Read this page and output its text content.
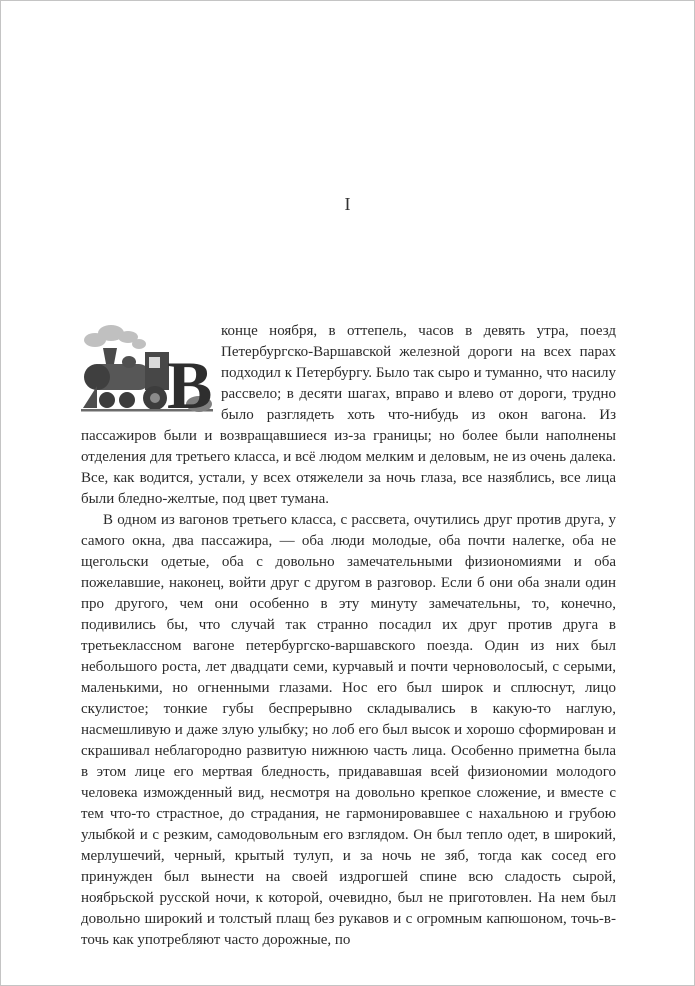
I

В
конце ноября, в оттепель, часов в девять утра, поезд Петербургско-Варшавской железной дороги на всех парах подходил к Петербургу. Было так сыро и туманно, что насилу рассвело; в десяти шагах, вправо и влево от дороги, трудно было разглядеть хоть что-нибудь из окон вагона. Из пассажиров были и возвращавшиеся из-за границы; но более были наполнены отделения для третьего класса, и всё людом мелким и деловым, не из очень далека. Все, как водится, устали, у всех отяжелели за ночь глаза, все назяблись, все лица были бледно-желтые, под цвет тумана.

В одном из вагонов третьего класса, с рассвета, очутились друг против друга, у самого окна, два пассажира, — оба люди молодые, оба почти налегке, оба не щегольски одетые, оба с довольно замечательными физиономиями и оба пожелавшие, наконец, войти друг с другом в разговор. Если б они оба знали один про другого, чем они особенно в эту минуту замечательны, то, конечно, подивились бы, что случай так странно посадил их друг против друга в третьеклассном вагоне петербургско-варшавского поезда. Один из них был небольшого роста, лет двадцати семи, курчавый и почти черноволосый, с серыми, маленькими, но огненными глазами. Нос его был широк и сплюснут, лицо скулистое; тонкие губы беспрерывно складывались в какую-то наглую, насмешливую и даже злую улыбку; но лоб его был высок и хорошо сформирован и скрашивал неблагородно развитую нижнюю часть лица. Особенно приметна была в этом лице его мертвая бледность, придававшая всей физиономии молодого человека изможденный вид, несмотря на довольно крепкое сложение, и вместе с тем что-то страстное, до страдания, не гармонировавшее с нахальною и грубою улыбкой и с резким, самодовольным его взглядом. Он был тепло одет, в широкий, мерлушечий, черный, крытый тулуп, и за ночь не зяб, тогда как сосед его принужден был вынести на своей издрогшей спине всю сладость сырой, ноябрьской русской ночи, к которой, очевидно, был не приготовлен. На нем был довольно широкий и толстый плащ без рукавов и с огромным капюшоном, точь-в-точь как употребляют часто дорожные, по
